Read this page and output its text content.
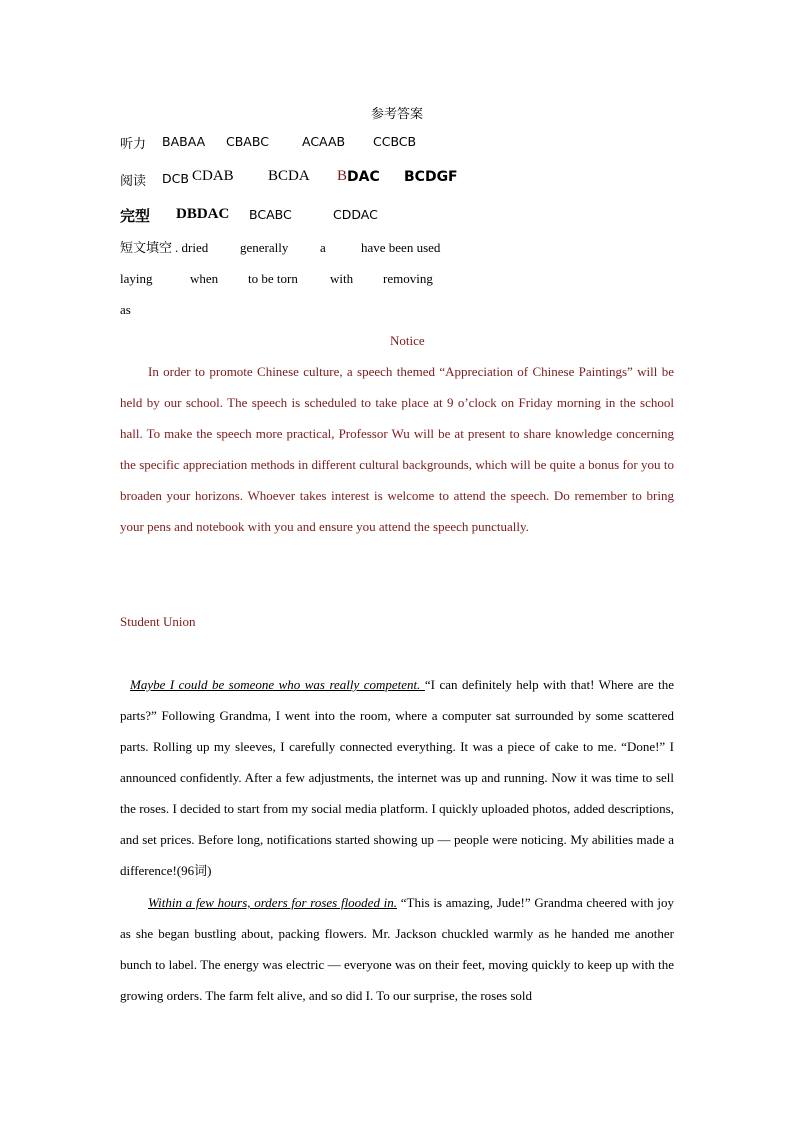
参考答案
听力 BABAA CBABC	ACAAB CCBCB
阅读 DCB CDAB BCDA B DAC BCDGF
完型 DBDAC BCABC	CDDAC
短文填空 . dried generally a	have been used
laying	when to be torn with removing
as
Notice
In order to promote Chinese culture, a speech themed “Appreciation of Chinese Paintings” will be held by our school. The speech is scheduled to take place at 9 o’clock on Friday morning in the school hall. To make the speech more practical, Professor Wu will be at present to share knowledge concerning the specific appreciation methods in different cultural backgrounds, which will be quite a bonus for you to broaden your horizons. Whoever takes interest is welcome to attend the speech. Do remember to bring your pens and notebook with you and ensure you attend the speech punctually.
Student Union
Maybe I could be someone who was really competent. “I can definitely help with that! Where are the parts?” Following Grandma, I went into the room, where a computer sat surrounded by some scattered parts. Rolling up my sleeves, I carefully connected everything. It was a piece of cake to me. “Done!” I announced confidently. After a few adjustments, the internet was up and running. Now it was time to sell the roses. I decided to start from my social media platform. I quickly uploaded photos, added descriptions, and set prices. Before long, notifications started showing up — people were noticing. My abilities made a difference!(96词)
Within a few hours, orders for roses flooded in. “This is amazing, Jude!” Grandma cheered with joy as she began bustling about, packing flowers. Mr. Jackson chuckled warmly as he handed me another bunch to label. The energy was electric — everyone was on their feet, moving quickly to keep up with the growing orders. The farm felt alive, and so did I. To our surprise, the roses sold
